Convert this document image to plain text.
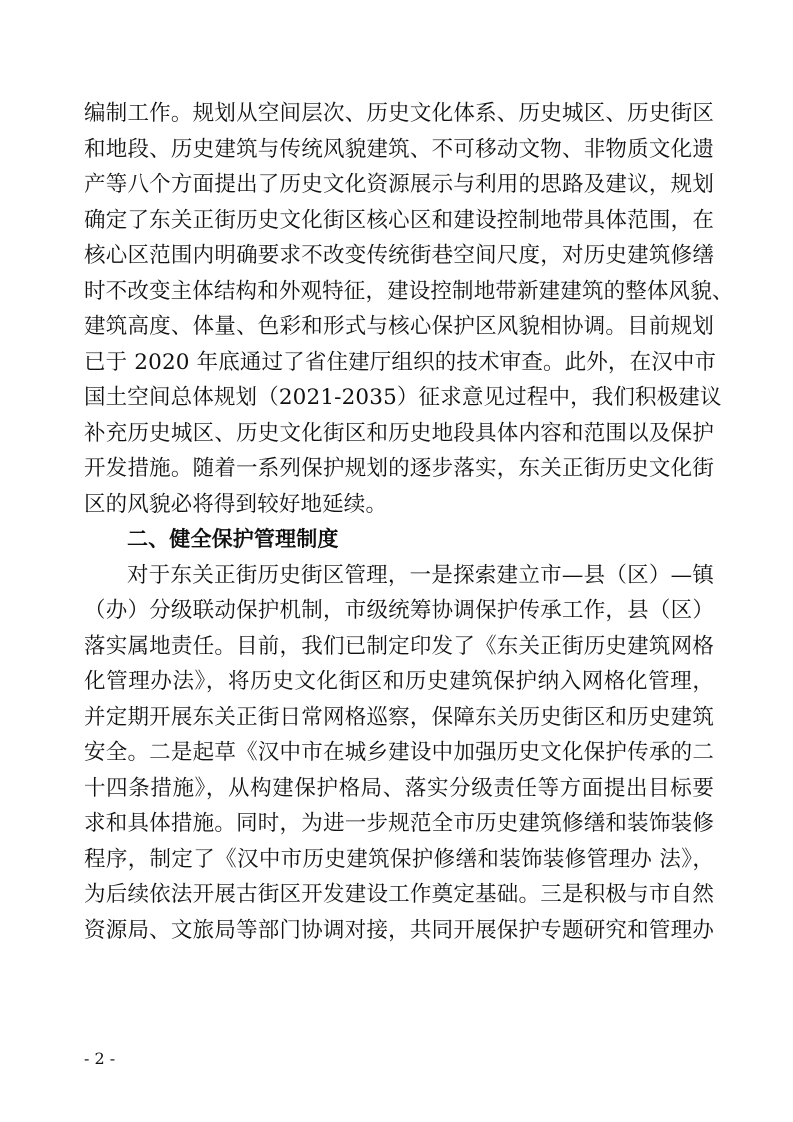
编制工作。规划从空间层次、历史文化体系、历史城区、历史街区
和地段、历史建筑与传统风貌建筑、不可移动文物、非物质文化遗
产等八个方面提出了历史文化资源展示与利用的思路及建议，规划
确定了东关正街历史文化街区核心区和建设控制地带具体范围，在
核心区范围内明确要求不改变传统街巷空间尺度，对历史建筑修缮
时不改变主体结构和外观特征，建设控制地带新建建筑的整体风貌、
建筑高度、体量、色彩和形式与核心保护区风貌相协调。目前规划
已于 2020 年底通过了省住建厅组织的技术审查。此外，在汉中市
国土空间总体规划（2021-2035）征求意见过程中，我们积极建议
补充历史城区、历史文化街区和历史地段具体内容和范围以及保护
开发措施。随着一系列保护规划的逐步落实，东关正街历史文化街
区的风貌必将得到较好地延续。
二、健全保护管理制度
对于东关正街历史街区管理，一是探索建立市—县（区）—镇
（办）分级联动保护机制，市级统筹协调保护传承工作，县（区）
落实属地责任。目前，我们已制定印发了《东关正街历史建筑网格
化管理办法》，将历史文化街区和历史建筑保护纳入网格化管理，
并定期开展东关正街日常网格巡察，保障东关历史街区和历史建筑
安全。二是起草《汉中市在城乡建设中加强历史文化保护传承的二
十四条措施》，从构建保护格局、落实分级责任等方面提出目标要
求和具体措施。同时，为进一步规范全市历史建筑修缮和装饰装修
程序，制定了《汉中市历史建筑保护修缮和装饰装修管理办 法》，
为后续依法开展古街区开发建设工作奠定基础。三是积极与市自然
资源局、文旅局等部门协调对接，共同开展保护专题研究和管理办
- 2 -
